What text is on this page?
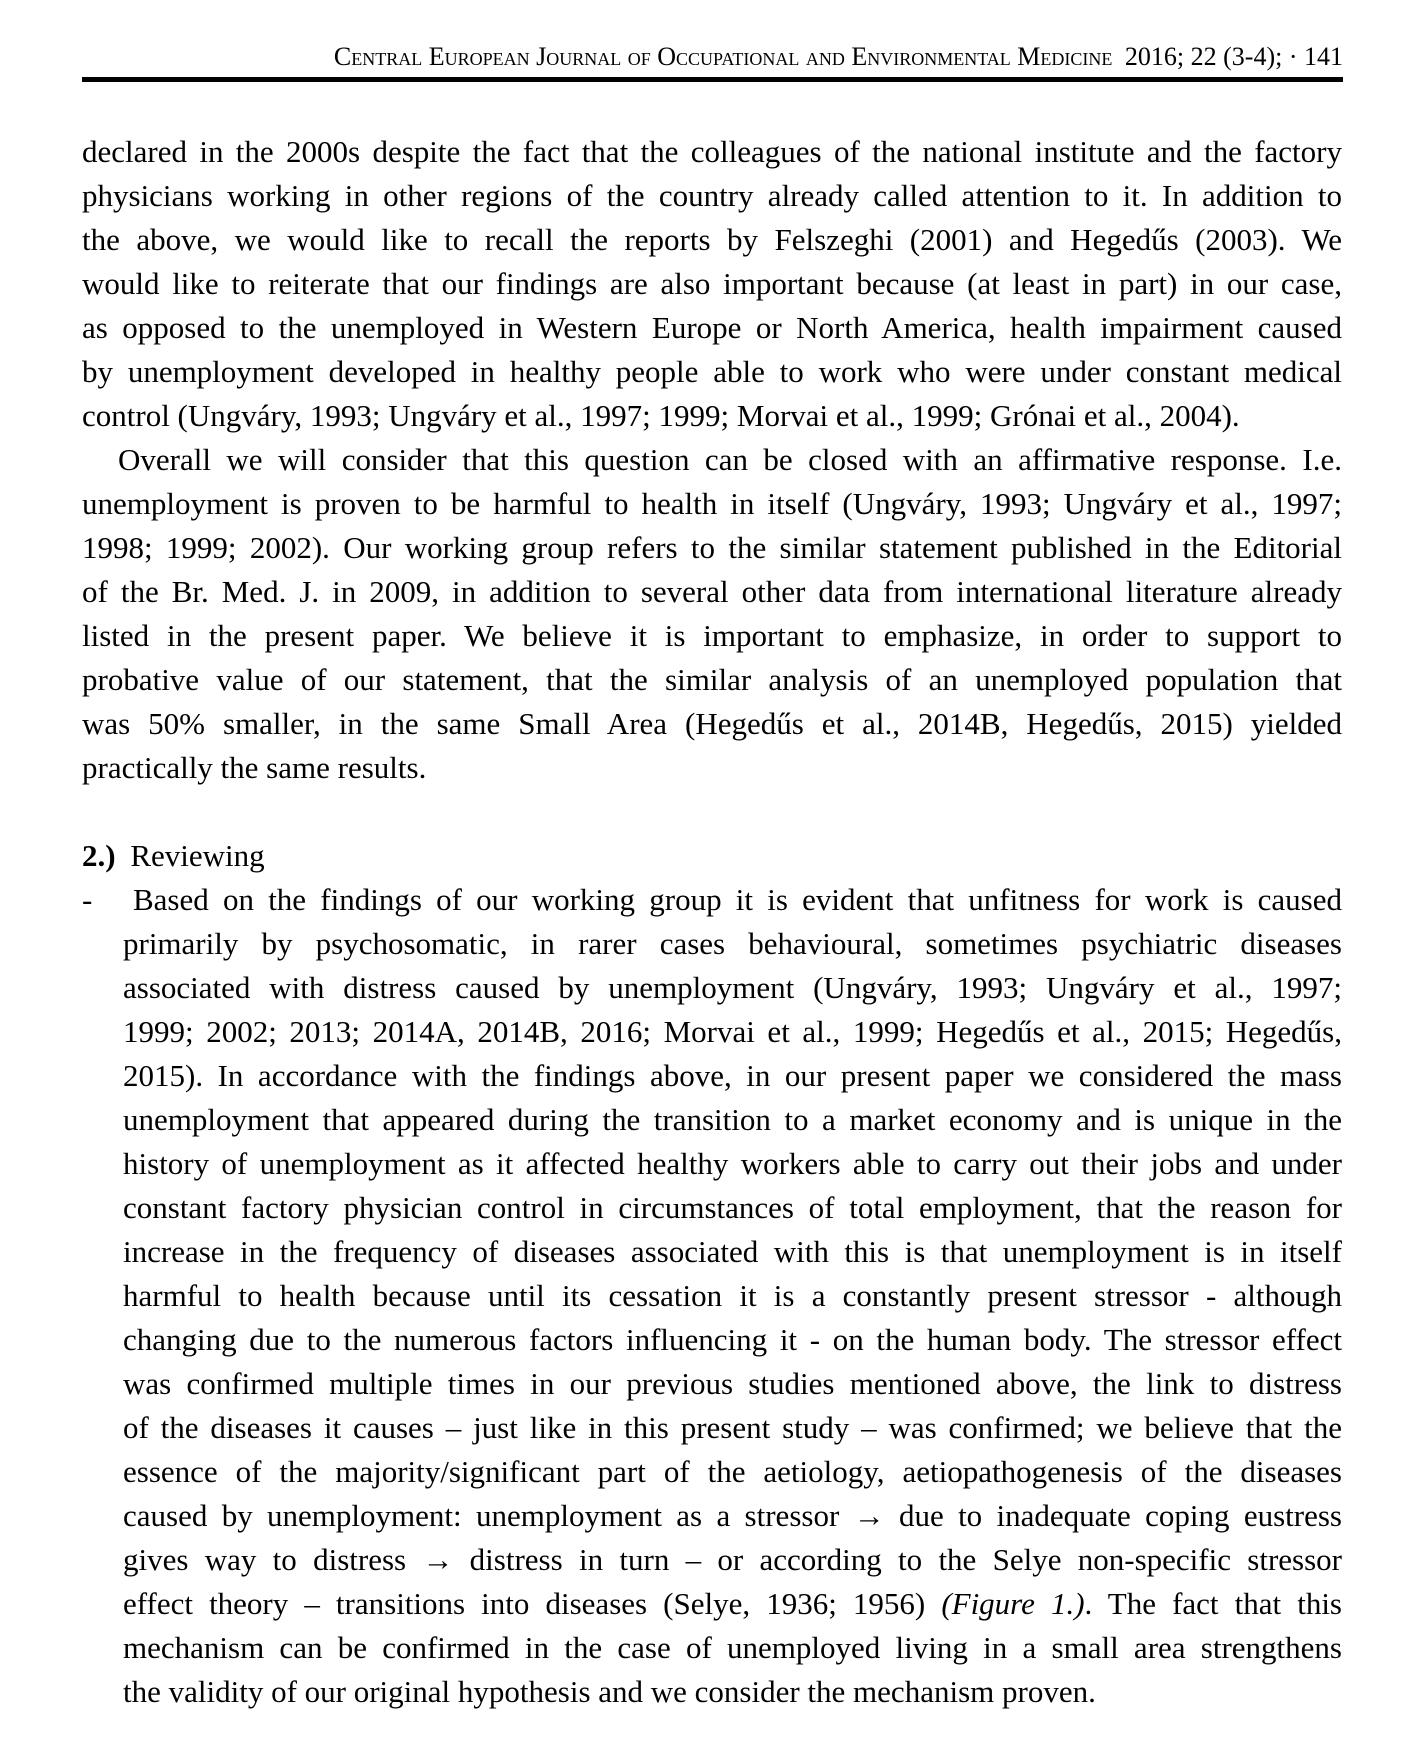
Central European Journal of Occupational and Environmental Medicine 2016; 22 (3-4); · 141
declared in the 2000s despite the fact that the colleagues of the national institute and the factory
physicians working in other regions of the country already called attention to it. In addition to
the above, we would like to recall the reports by Felszeghi (2001) and Hegedűs (2003). We
would like to reiterate that our findings are also important because (at least in part) in our case,
as opposed to the unemployed in Western Europe or North America, health impairment caused
by unemployment developed in healthy people able to work who were under constant medical
control (Ungváry, 1993; Ungváry et al., 1997; 1999; Morvai et al., 1999; Grónai et al., 2004).
Overall we will consider that this question can be closed with an affirmative response. I.e.
unemployment is proven to be harmful to health in itself (Ungváry, 1993; Ungváry et al., 1997;
1998; 1999; 2002). Our working group refers to the similar statement published in the Editorial
of the Br. Med. J. in 2009, in addition to several other data from international literature already
listed in the present paper. We believe it is important to emphasize, in order to support to
probative value of our statement, that the similar analysis of an unemployed population that
was 50% smaller, in the same Small Area (Hegedűs et al., 2014B, Hegedűs, 2015) yielded
practically the same results.
2.) Reviewing
-	Based on the findings of our working group it is evident that unfitness for work is caused
primarily by psychosomatic, in rarer cases behavioural, sometimes psychiatric diseases
associated with distress caused by unemployment (Ungváry, 1993; Ungváry et al., 1997;
1999; 2002; 2013; 2014A, 2014B, 2016; Morvai et al., 1999; Hegedűs et al., 2015; Hegedűs,
2015). In accordance with the findings above, in our present paper we considered the mass
unemployment that appeared during the transition to a market economy and is unique in the
history of unemployment as it affected healthy workers able to carry out their jobs and under
constant factory physician control in circumstances of total employment, that the reason for
increase in the frequency of diseases associated with this is that unemployment is in itself
harmful to health because until its cessation it is a constantly present stressor - although
changing due to the numerous factors influencing it - on the human body. The stressor effect
was confirmed multiple times in our previous studies mentioned above, the link to distress
of the diseases it causes – just like in this present study – was confirmed; we believe that the
essence of the majority/significant part of the aetiology, aetiopathogenesis of the diseases
caused by unemployment: unemployment as a stressor → due to inadequate coping eustress
gives way to distress → distress in turn – or according to the Selye non-specific stressor
effect theory – transitions into diseases (Selye, 1936; 1956) (Figure 1.). The fact that this
mechanism can be confirmed in the case of unemployed living in a small area strengthens
the validity of our original hypothesis and we consider the mechanism proven.
